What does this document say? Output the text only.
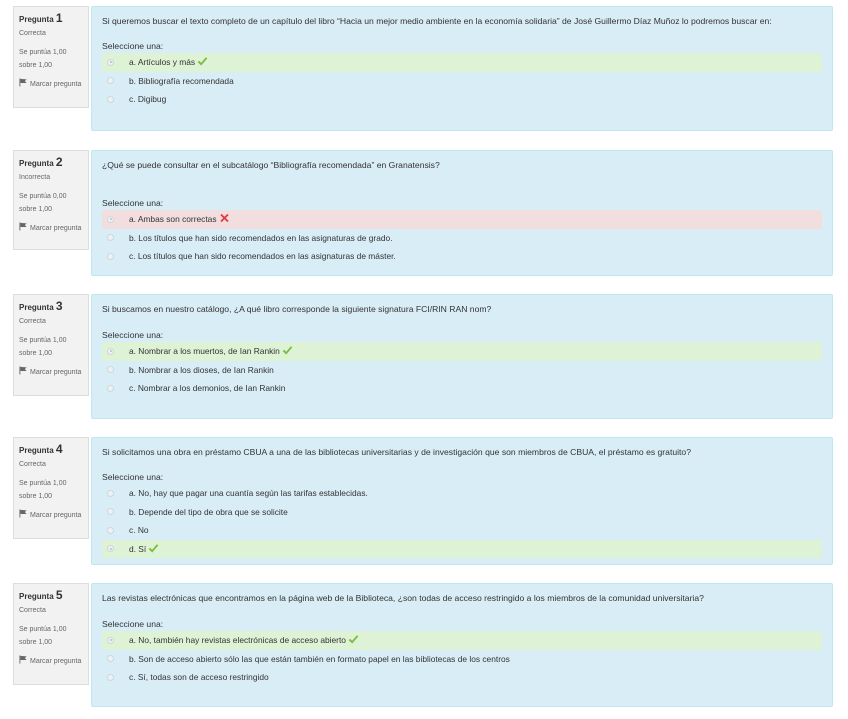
Pregunta 1
Correcta
Se puntúa 1,00 sobre 1,00
Marcar pregunta
Si queremos buscar el texto completo de un capítulo del libro “Hacia un mejor medio ambiente en la economía solidaria” de José Guillermo Díaz Muñoz lo podremos buscar en:
Seleccione una:
a. Artículos y más
b. Bibliografía recomendada
c. Digibug
Pregunta 2
Incorrecta
Se puntúa 0,00 sobre 1,00
Marcar pregunta
¿Qué se puede consultar en el subcatálogo “Bibliografía recomendada” en Granatensis?
Seleccione una:
a. Ambas son correctas
b. Los títulos que han sido recomendados en las asignaturas de grado.
c. Los títulos que han sido recomendados en las asignaturas de máster.
Pregunta 3
Correcta
Se puntúa 1,00 sobre 1,00
Marcar pregunta
Si buscamos en nuestro catálogo, ¿A qué libro corresponde la siguiente signatura FCI/RIN RAN nom?
Seleccione una:
a. Nombrar a los muertos, de Ian Rankin
b. Nombrar a los dioses, de Ian Rankin
c. Nombrar a los demonios, de Ian Rankin
Pregunta 4
Correcta
Se puntúa 1,00 sobre 1,00
Marcar pregunta
Si solicitamos una obra en préstamo CBUA a una de las bibliotecas universitarias y de investigación que son miembros de CBUA, el préstamo es gratuito?
Seleccione una:
a. No, hay que pagar una cuantía según las tarifas establecidas.
b. Depende del tipo de obra que se solicite
c. No
d. Sí
Pregunta 5
Correcta
Se puntúa 1,00 sobre 1,00
Marcar pregunta
Las revistas electrónicas que encontramos en la página web de la Biblioteca, ¿son todas de acceso restringido a los miembros de la comunidad universitaria?
Seleccione una:
a. No, también hay revistas electrónicas de acceso abierto
b. Son de acceso abierto sólo las que están también en formato papel en las bibliotecas de los centros
c. Sí, todas son de acceso restringido
